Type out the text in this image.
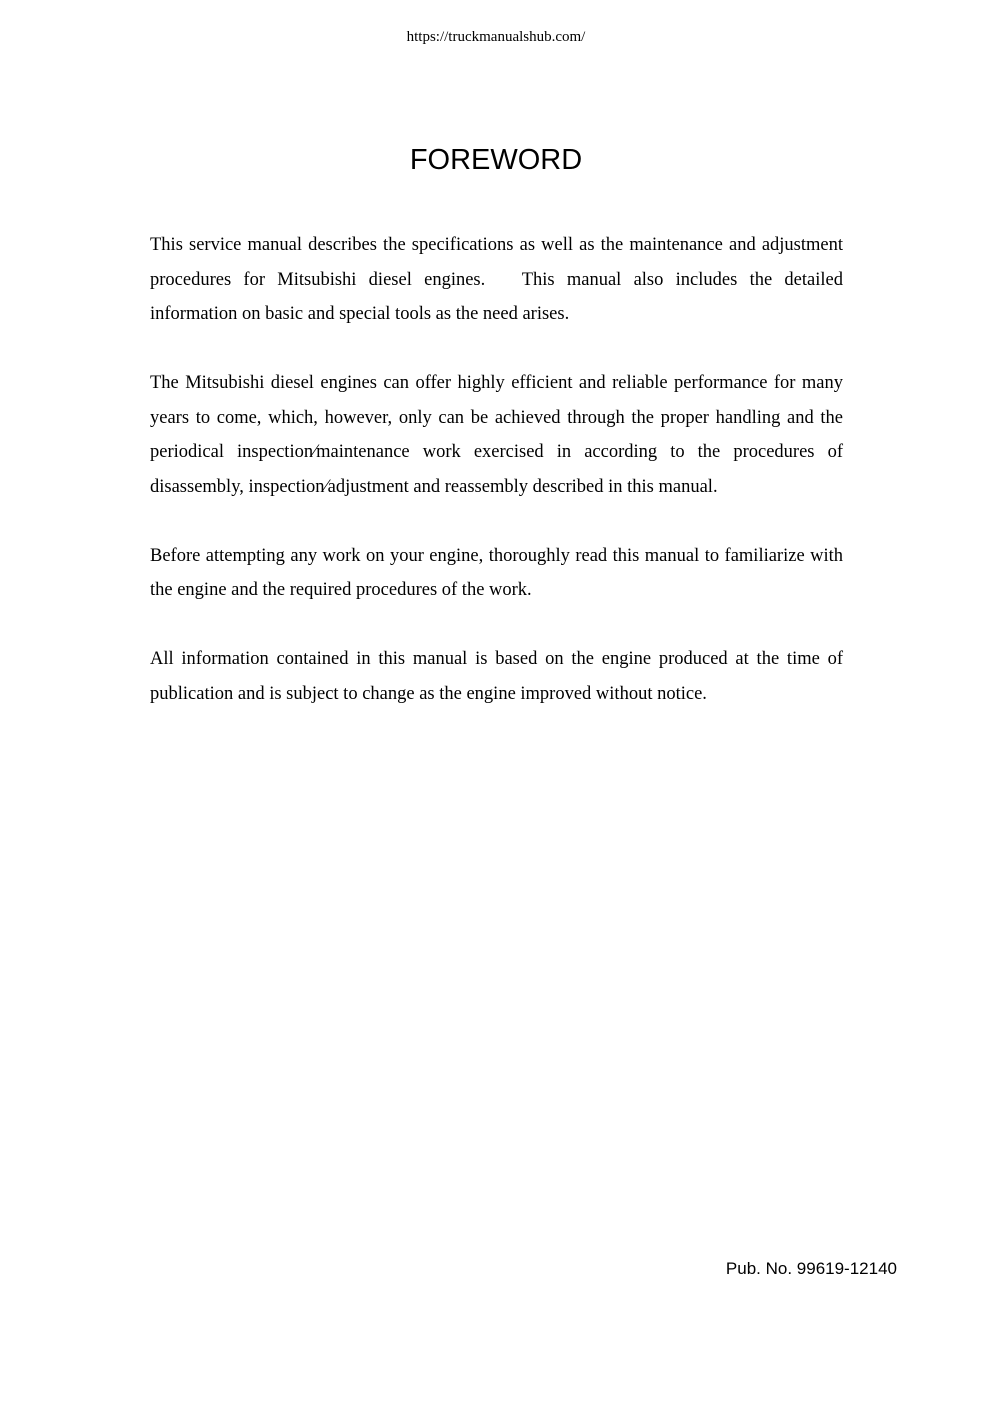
https://truckmanualshub.com/
FOREWORD

This service manual describes the specifications as well as the maintenance and adjustment procedures for Mitsubishi diesel engines.   This manual also includes the detailed information on basic and special tools as the need arises.

The Mitsubishi diesel engines can offer highly efficient and reliable performance for many years to come, which, however, only can be achieved through the proper handling and the periodical inspection⁄maintenance work exercised in according to the procedures of disassembly, inspection⁄adjustment and reassembly described in this manual.

Before attempting any work on your engine, thoroughly read this manual to familiarize with the engine and the required procedures of the work.

All information contained in this manual is based on the engine produced at the time of publication and is subject to change as the engine improved without notice.

Pub. No. 99619-12140
